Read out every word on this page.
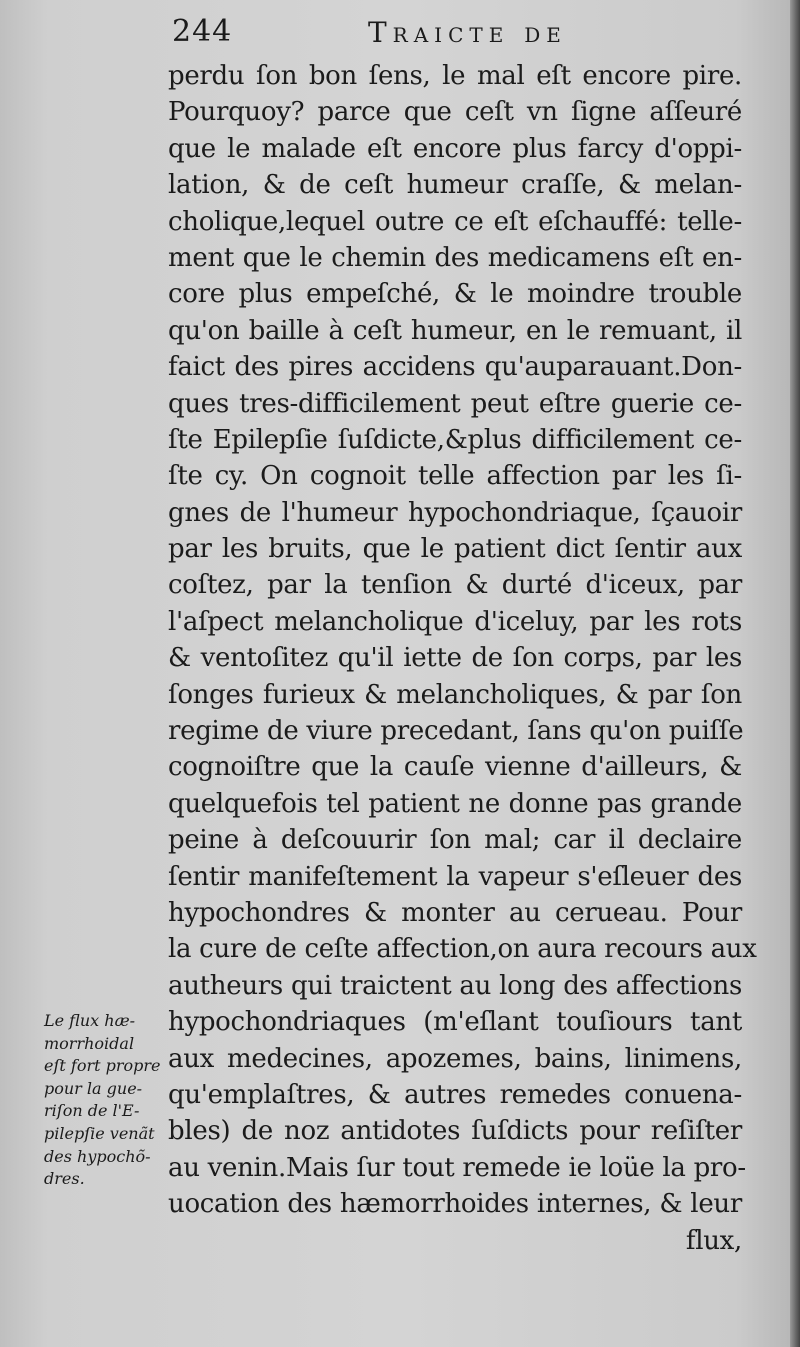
244	Traicte de
perdu ſon bon ſens, le mal eſt encore pire.
Pourquoy? parce que ceſt vn ſigne aſſeuré
que le malade eſt encore plus farcy d'oppi-
lation, & de ceſt humeur craſſe, & melan-
cholique,lequel outre ce eſt eſchauffé: telle-
ment que le chemin des medicamens eſt en-
core plus empeſché, & le moindre trouble
qu'on baille à ceſt humeur, en le remuant, il
faict des pires accidens qu'auparauant.Don-
ques tres-difficilement peut eſtre guerie ce-
ſte Epilepſie ſuſdicte,&plus difficilement ce-
ſte cy. On cognoit telle affection par les ſi-
gnes de l'humeur hypochondriaque, ſçauoir
par les bruits, que le patient dict ſentir aux
coſtez, par la tenſion & durté d'iceux, par
l'aſpect melancholique d'iceluy, par les rots
& ventoſitez qu'il iette de ſon corps, par les
ſonges furieux & melancholiques, & par ſon
regime de viure precedant, ſans qu'on puiſſe
cognoiſtre que la cauſe vienne d'ailleurs, &
quelquefois tel patient ne donne pas grande
peine à deſcouurir ſon mal; car il declaire
ſentir manifeſtement la vapeur s'eſleuer des
hypochondres & monter au cerueau. Pour
la cure de ceſte affection,on aura recours aux
autheurs qui traictent au long des affections
hypochondriaques (m'eſlant touſiours tant
aux medecines, apozemes, bains, linimens,
qu'emplaſtres, & autres remedes conuena-
bles) de noz antidotes ſuſdicts pour reſiſter
au venin.Mais ſur tout remede ie loüe la pro-
uocation des hæmorrhoides internes, & leur
flux,
Le flux hæ-
morrhoidal
eſt fort propre
pour la gue-
riſon de l'E-
pilepſie venãt
des hypochõ-
dres.
